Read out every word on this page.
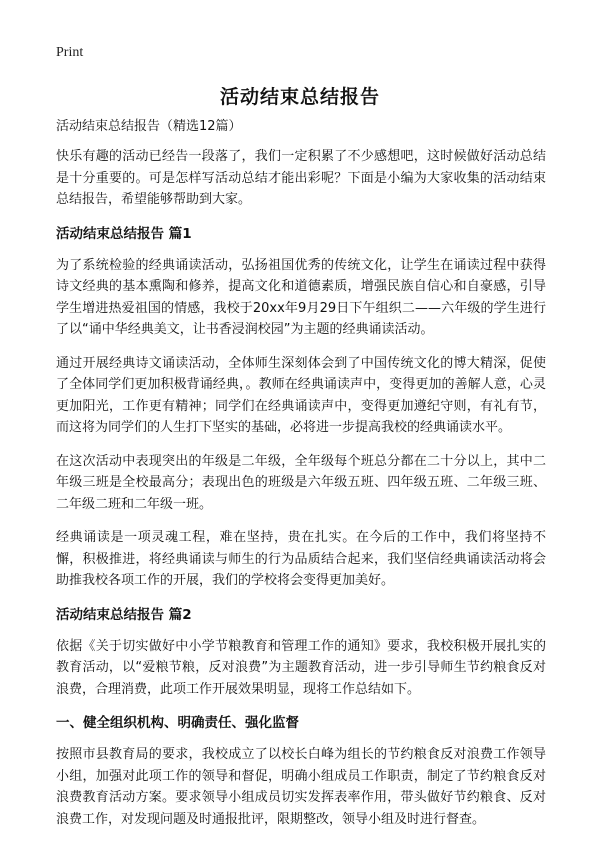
Print
活动结束总结报告
活动结束总结报告（精选12篇）

快乐有趣的活动已经告一段落了，我们一定积累了不少感想吧，这时候做好活动总结是十分重要的。可是怎样写活动总结才能出彩呢？下面是小编为大家收集的活动结束总结报告，希望能够帮助到大家。

活动结束总结报告 篇1

为了系统检验的经典诵读活动，弘扬祖国优秀的传统文化，让学生在诵读过程中获得诗文经典的基本熏陶和修养，提高文化和道德素质，增强民族自信心和自豪感，引导学生增进热爱祖国的情感，我校于20xx年9月29日下午组织二——六年级的学生进行了以“诵中华经典美文，让书香浸润校园”为主题的经典诵读活动。

通过开展经典诗文诵读活动，全体师生深刻体会到了中国传统文化的博大精深，促使了全体同学们更加积极背诵经典，。教师在经典诵读声中，变得更加的善解人意，心灵更加阳光，工作更有精神；同学们在经典诵读声中，变得更加遵纪守则，有礼有节，而这将为同学们的人生打下坚实的基础，必将进一步提高我校的经典诵读水平。

在这次活动中表现突出的年级是二年级，全年级每个班总分都在二十分以上，其中二年级三班是全校最高分；表现出色的班级是六年级五班、四年级五班、二年级三班、二年级二班和二年级一班。

经典诵读是一项灵魂工程，难在坚持，贵在扎实。在今后的工作中，我们将坚持不懈，积极推进，将经典诵读与师生的行为品质结合起来，我们坚信经典诵读活动将会助推我校各项工作的开展，我们的学校将会变得更加美好。

活动结束总结报告 篇2

依据《关于切实做好中小学节粮教育和管理工作的通知》要求，我校积极开展扎实的教育活动，以“爱粮节粮，反对浪费”为主题教育活动，进一步引导师生节约粮食反对浪费，合理消费，此项工作开展效果明显，现将工作总结如下。

一、健全组织机构、明确责任、强化监督

按照市县教育局的要求，我校成立了以校长白峰为组长的节约粮食反对浪费工作领导小组，加强对此项工作的领导和督促，明确小组成员工作职责，制定了节约粮食反对浪费教育活动方案。要求领导小组成员切实发挥表率作用，带头做好节约粮食、反对浪费工作，对发现问题及时通报批评，限期整改，领导小组及时进行督查。
